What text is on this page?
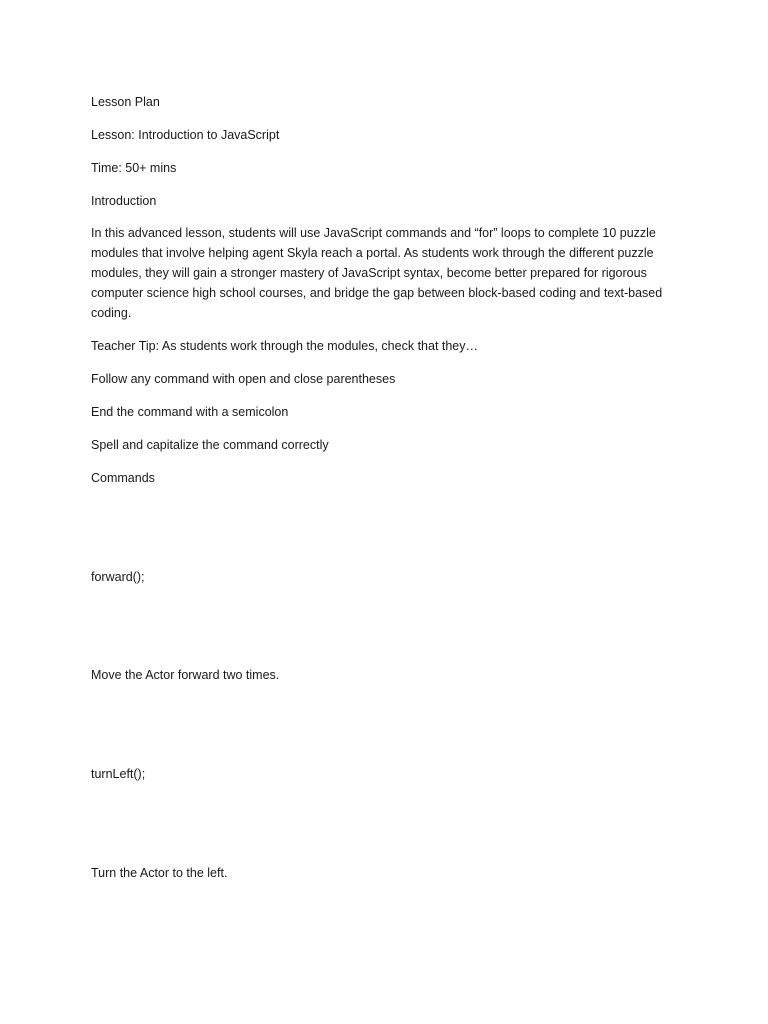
Lesson Plan
Lesson: Introduction to JavaScript
Time: 50+ mins
Introduction
In this advanced lesson, students will use JavaScript commands and “for” loops to complete 10 puzzle
modules that involve helping agent Skyla reach a portal. As students work through the different puzzle
modules, they will gain a stronger mastery of JavaScript syntax, become better prepared for rigorous
computer science high school courses, and bridge the gap between block-based coding and text-based
coding.
Teacher Tip: As students work through the modules, check that they…
Follow any command with open and close parentheses
End the command with a semicolon
Spell and capitalize the command correctly
Commands
forward();
Move the Actor forward two times.
turnLeft();
Turn the Actor to the left.
